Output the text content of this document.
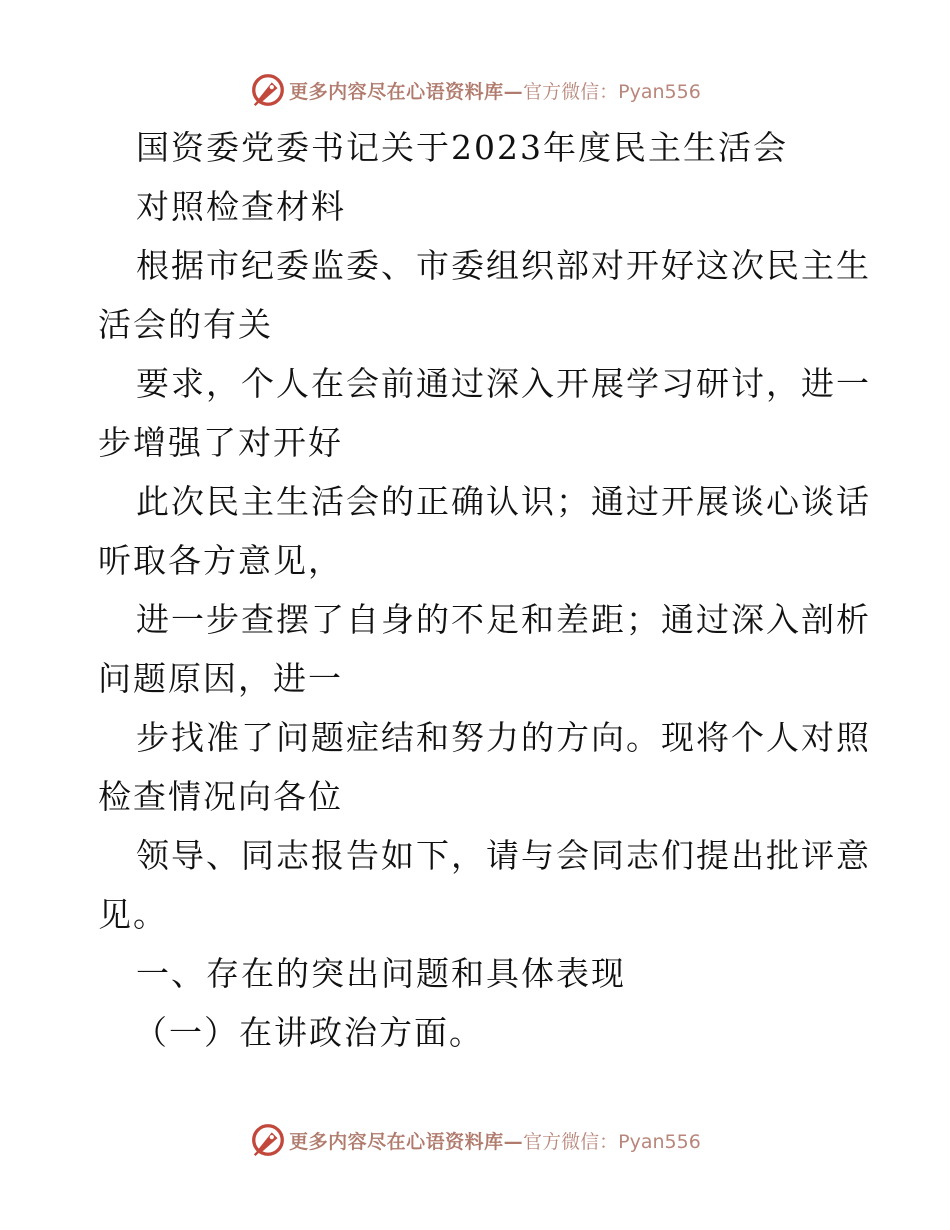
更多内容尽在心语资料库— 官方微信：Pyan556
国资委党委书记关于2023年度民主生活会
对照检查材料
根据市纪委监委、市委组织部对开好这次民主生
活会的有关
要求，个人在会前通过深入开展学习研讨，进一
步增强了对开好
此次民主生活会的正确认识；通过开展谈心谈话
听取各方意见，
进一步查摆了自身的不足和差距；通过深入剖析
问题原因，进一
步找准了问题症结和努力的方向。现将个人对照
检查情况向各位
领导、同志报告如下，请与会同志们提出批评意
见。
一、存在的突出问题和具体表现
（一）在讲政治方面。
更多内容尽在心语资料库— 官方微信：Pyan556
